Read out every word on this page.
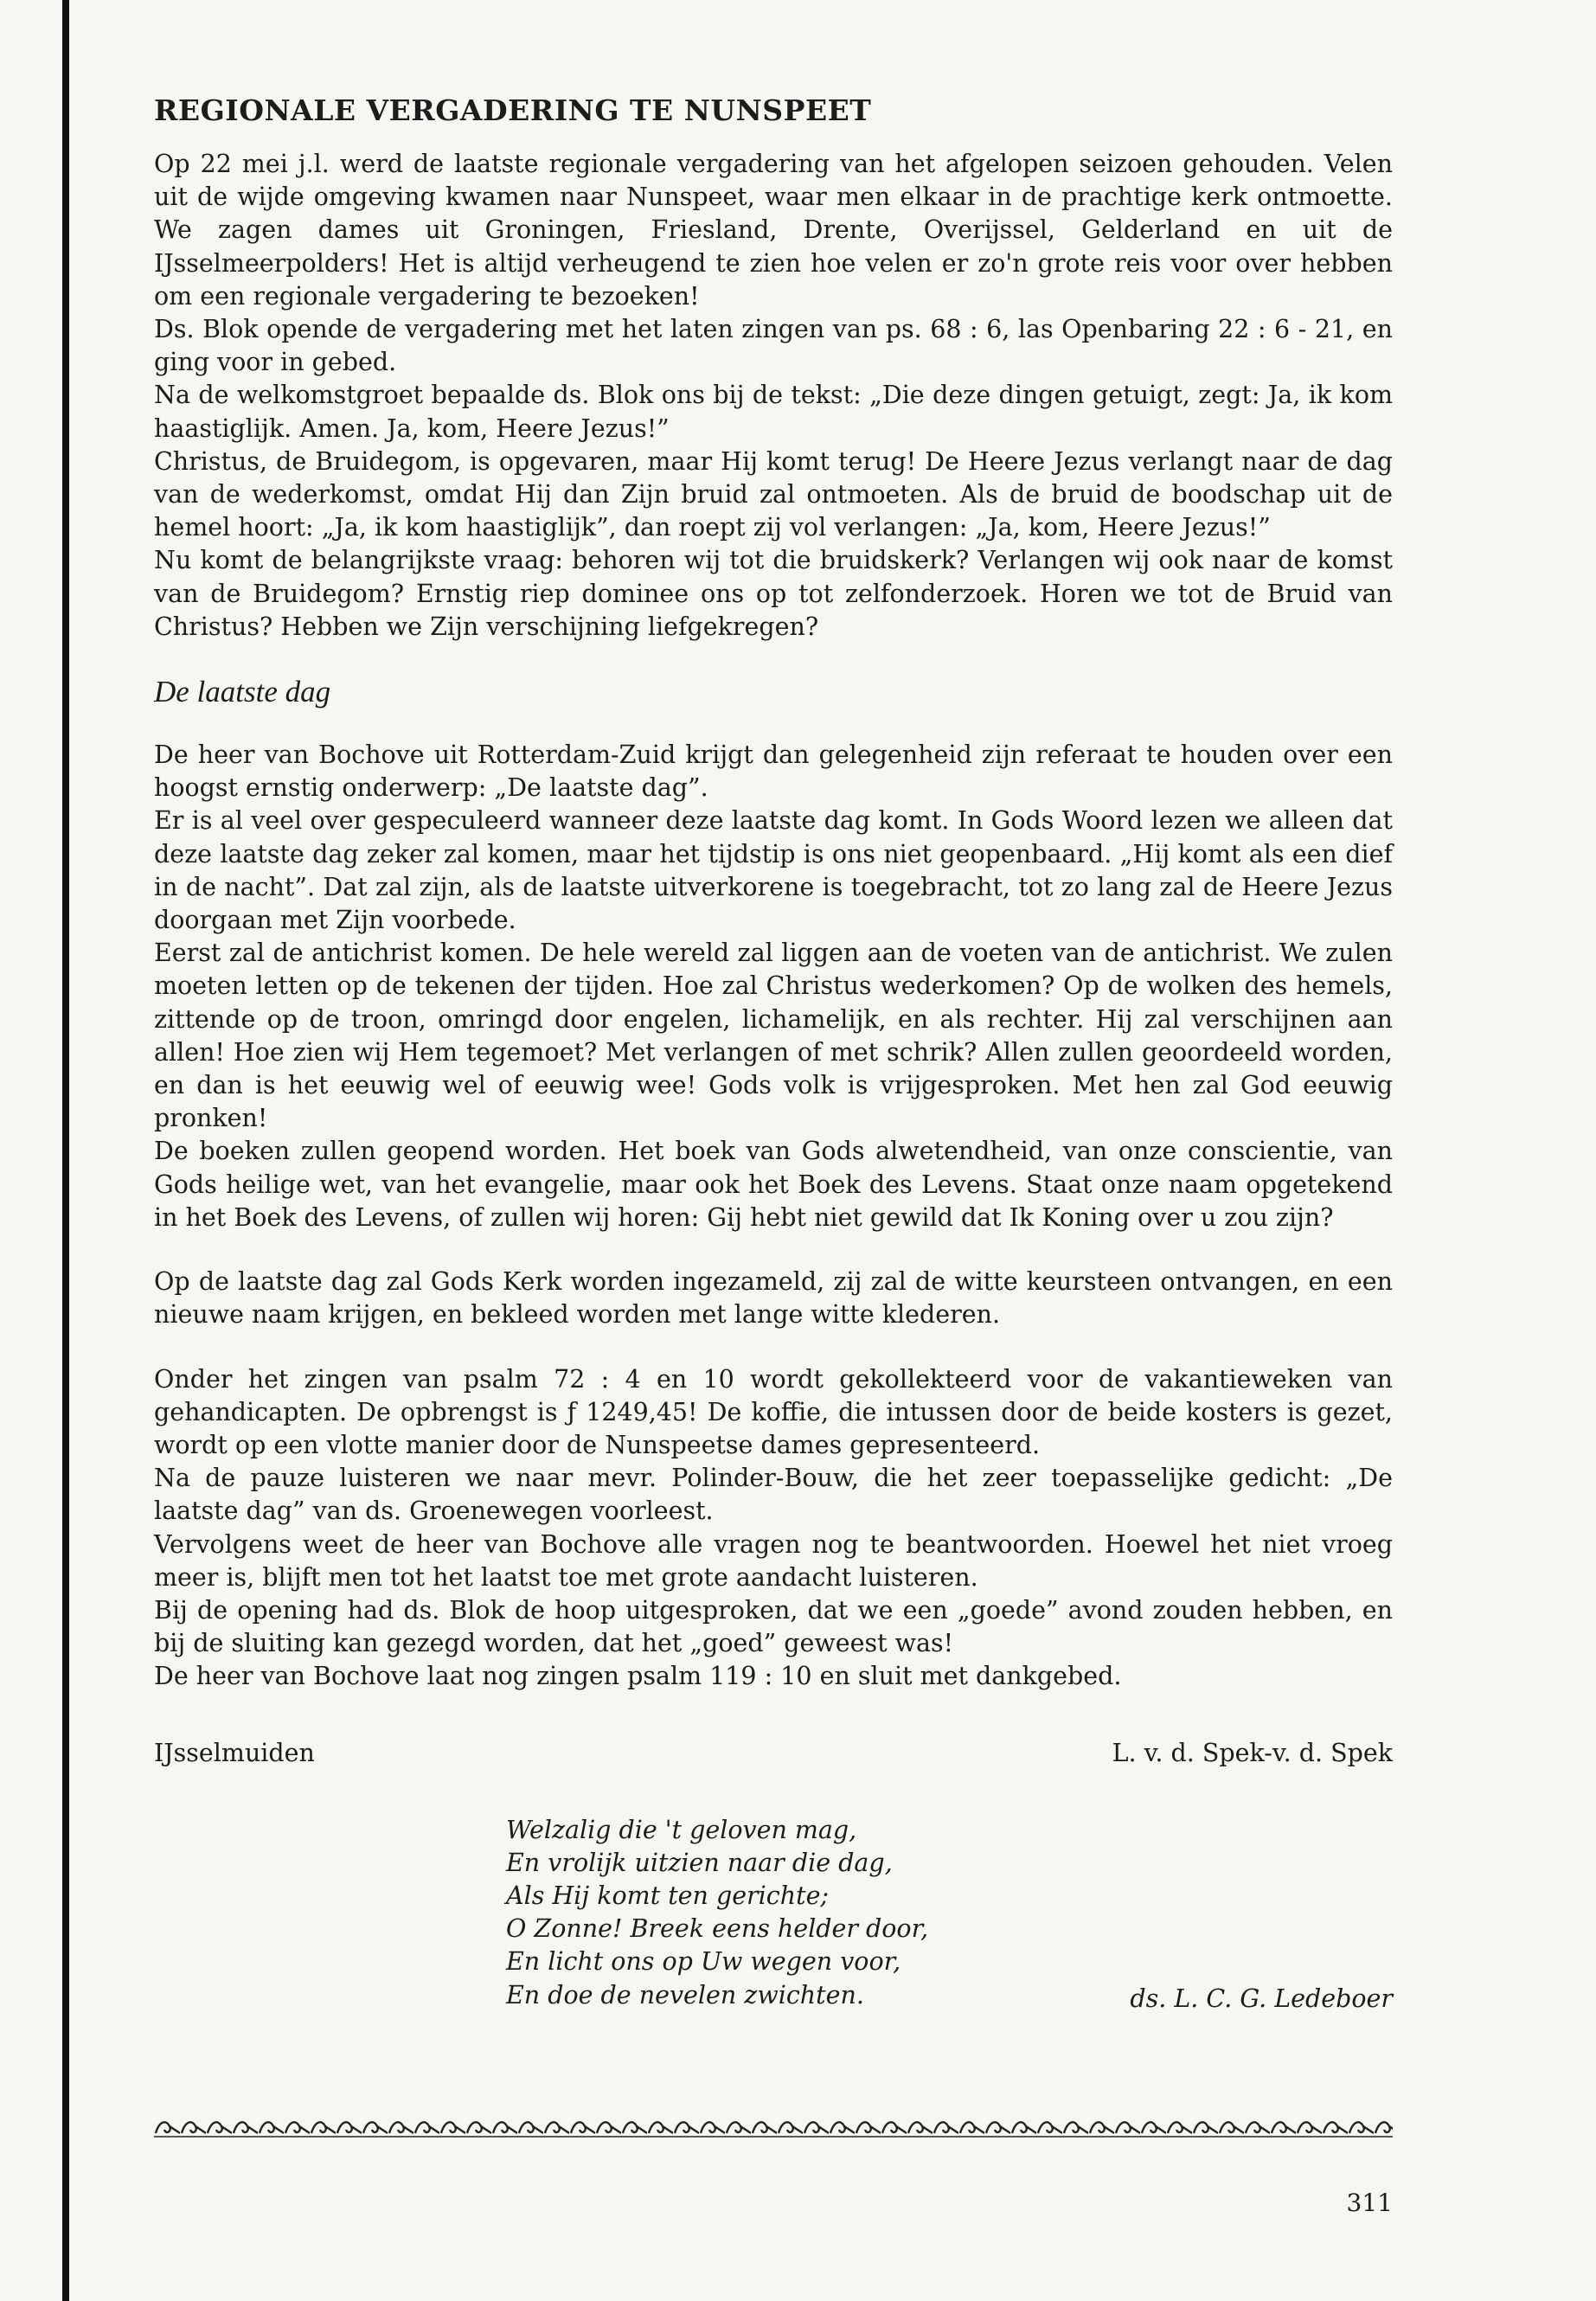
REGIONALE VERGADERING TE NUNSPEET

Op 22 mei j.l. werd de laatste regionale vergadering van het afgelopen seizoen gehouden. Velen uit de wijde omgeving kwamen naar Nunspeet, waar men elkaar in de prachtige kerk ontmoette. We zagen dames uit Groningen, Friesland, Drente, Overijssel, Gelderland en uit de IJsselmeerpolders! Het is altijd verheugend te zien hoe velen er zo'n grote reis voor over hebben om een regionale vergadering te bezoeken!

Ds. Blok opende de vergadering met het laten zingen van ps. 68 : 6, las Openbaring 22 : 6 - 21, en ging voor in gebed.

Na de welkomstgroet bepaalde ds. Blok ons bij de tekst: „Die deze dingen getuigt, zegt: Ja, ik kom haastiglijk. Amen. Ja, kom, Heere Jezus!”

Christus, de Bruidegom, is opgevaren, maar Hij komt terug! De Heere Jezus verlangt naar de dag van de wederkomst, omdat Hij dan Zijn bruid zal ontmoeten. Als de bruid de boodschap uit de hemel hoort: „Ja, ik kom haastiglijk”, dan roept zij vol verlangen: „Ja, kom, Heere Jezus!”

Nu komt de belangrijkste vraag: behoren wij tot die bruidskerk? Verlangen wij ook naar de komst van de Bruidegom? Ernstig riep dominee ons op tot zelfonderzoek. Horen we tot de Bruid van Christus? Hebben we Zijn verschijning liefgekregen?

De laatste dag

De heer van Bochove uit Rotterdam-Zuid krijgt dan gelegenheid zijn referaat te houden over een hoogst ernstig onderwerp: „De laatste dag”.

Er is al veel over gespeculeerd wanneer deze laatste dag komt. In Gods Woord lezen we alleen dat deze laatste dag zeker zal komen, maar het tijdstip is ons niet geopenbaard. „Hij komt als een dief in de nacht”. Dat zal zijn, als de laatste uitverkorene is toegebracht, tot zo lang zal de Heere Jezus doorgaan met Zijn voorbede.

Eerst zal de antichrist komen. De hele wereld zal liggen aan de voeten van de antichrist. We zulen moeten letten op de tekenen der tijden. Hoe zal Christus wederkomen? Op de wolken des hemels, zittende op de troon, omringd door engelen, lichamelijk, en als rechter. Hij zal verschijnen aan allen! Hoe zien wij Hem tegemoet? Met verlangen of met schrik? Allen zullen geoordeeld worden, en dan is het eeuwig wel of eeuwig wee! Gods volk is vrijgesproken. Met hen zal God eeuwig pronken!

De boeken zullen geopend worden. Het boek van Gods alwetendheid, van onze conscientie, van Gods heilige wet, van het evangelie, maar ook het Boek des Levens. Staat onze naam opgetekend in het Boek des Levens, of zullen wij horen: Gij hebt niet gewild dat Ik Koning over u zou zijn?

Op de laatste dag zal Gods Kerk worden ingezameld, zij zal de witte keursteen ontvangen, en een nieuwe naam krijgen, en bekleed worden met lange witte klederen.

Onder het zingen van psalm 72 : 4 en 10 wordt gekollekteerd voor de vakantieweken van gehandicapten. De opbrengst is ƒ 1249,45! De koffie, die intussen door de beide kosters is gezet, wordt op een vlotte manier door de Nunspeetse dames gepresenteerd.

Na de pauze luisteren we naar mevr. Polinder-Bouw, die het zeer toepasselijke gedicht: „De laatste dag” van ds. Groenewegen voorleest.

Vervolgens weet de heer van Bochove alle vragen nog te beantwoorden. Hoewel het niet vroeg meer is, blijft men tot het laatst toe met grote aandacht luisteren.

Bij de opening had ds. Blok de hoop uitgesproken, dat we een „goede” avond zouden hebben, en bij de sluiting kan gezegd worden, dat het „goed” geweest was!

De heer van Bochove laat nog zingen psalm 119 : 10 en sluit met dankgebed.

IJsselmuiden	L. v. d. Spek-v. d. Spek
Welzalig die 't geloven mag,
En vrolijk uitzien naar die dag,
Als Hij komt ten gerichte;
O Zonne! Breek eens helder door,
En licht ons op Uw wegen voor,
En doe de nevelen zwichten.	ds. L. C. G. Ledeboer
311
